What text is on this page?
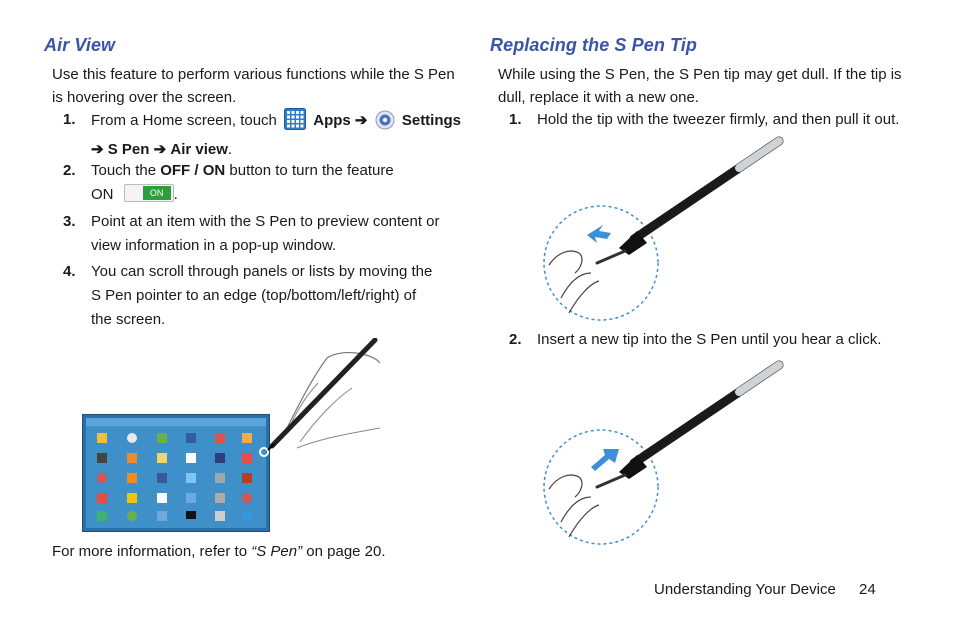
Air View

Use this feature to perform various functions while the S Pen
is hovering over the screen.

1. From a Home screen, touch Apps ➔ Settings
➔ S Pen ➔ Air view.
2. Touch the OFF / ON button to turn the feature
ON	ON .
3. Point at an item with the S Pen to preview content or
view information in a pop-up window.
4. You can scroll through panels or lists by moving the
S Pen pointer to an edge (top/bottom/left/right) of
the screen.

For more information, refer to “S Pen” on page 20.

Replacing the S Pen Tip

While using the S Pen, the S Pen tip may get dull. If the tip is
dull, replace it with a new one.

1. Hold the tip with the tweezer firmly, and then pull it out.
2. Insert a new tip into the S Pen until you hear a click.
Understanding Your Device 24
